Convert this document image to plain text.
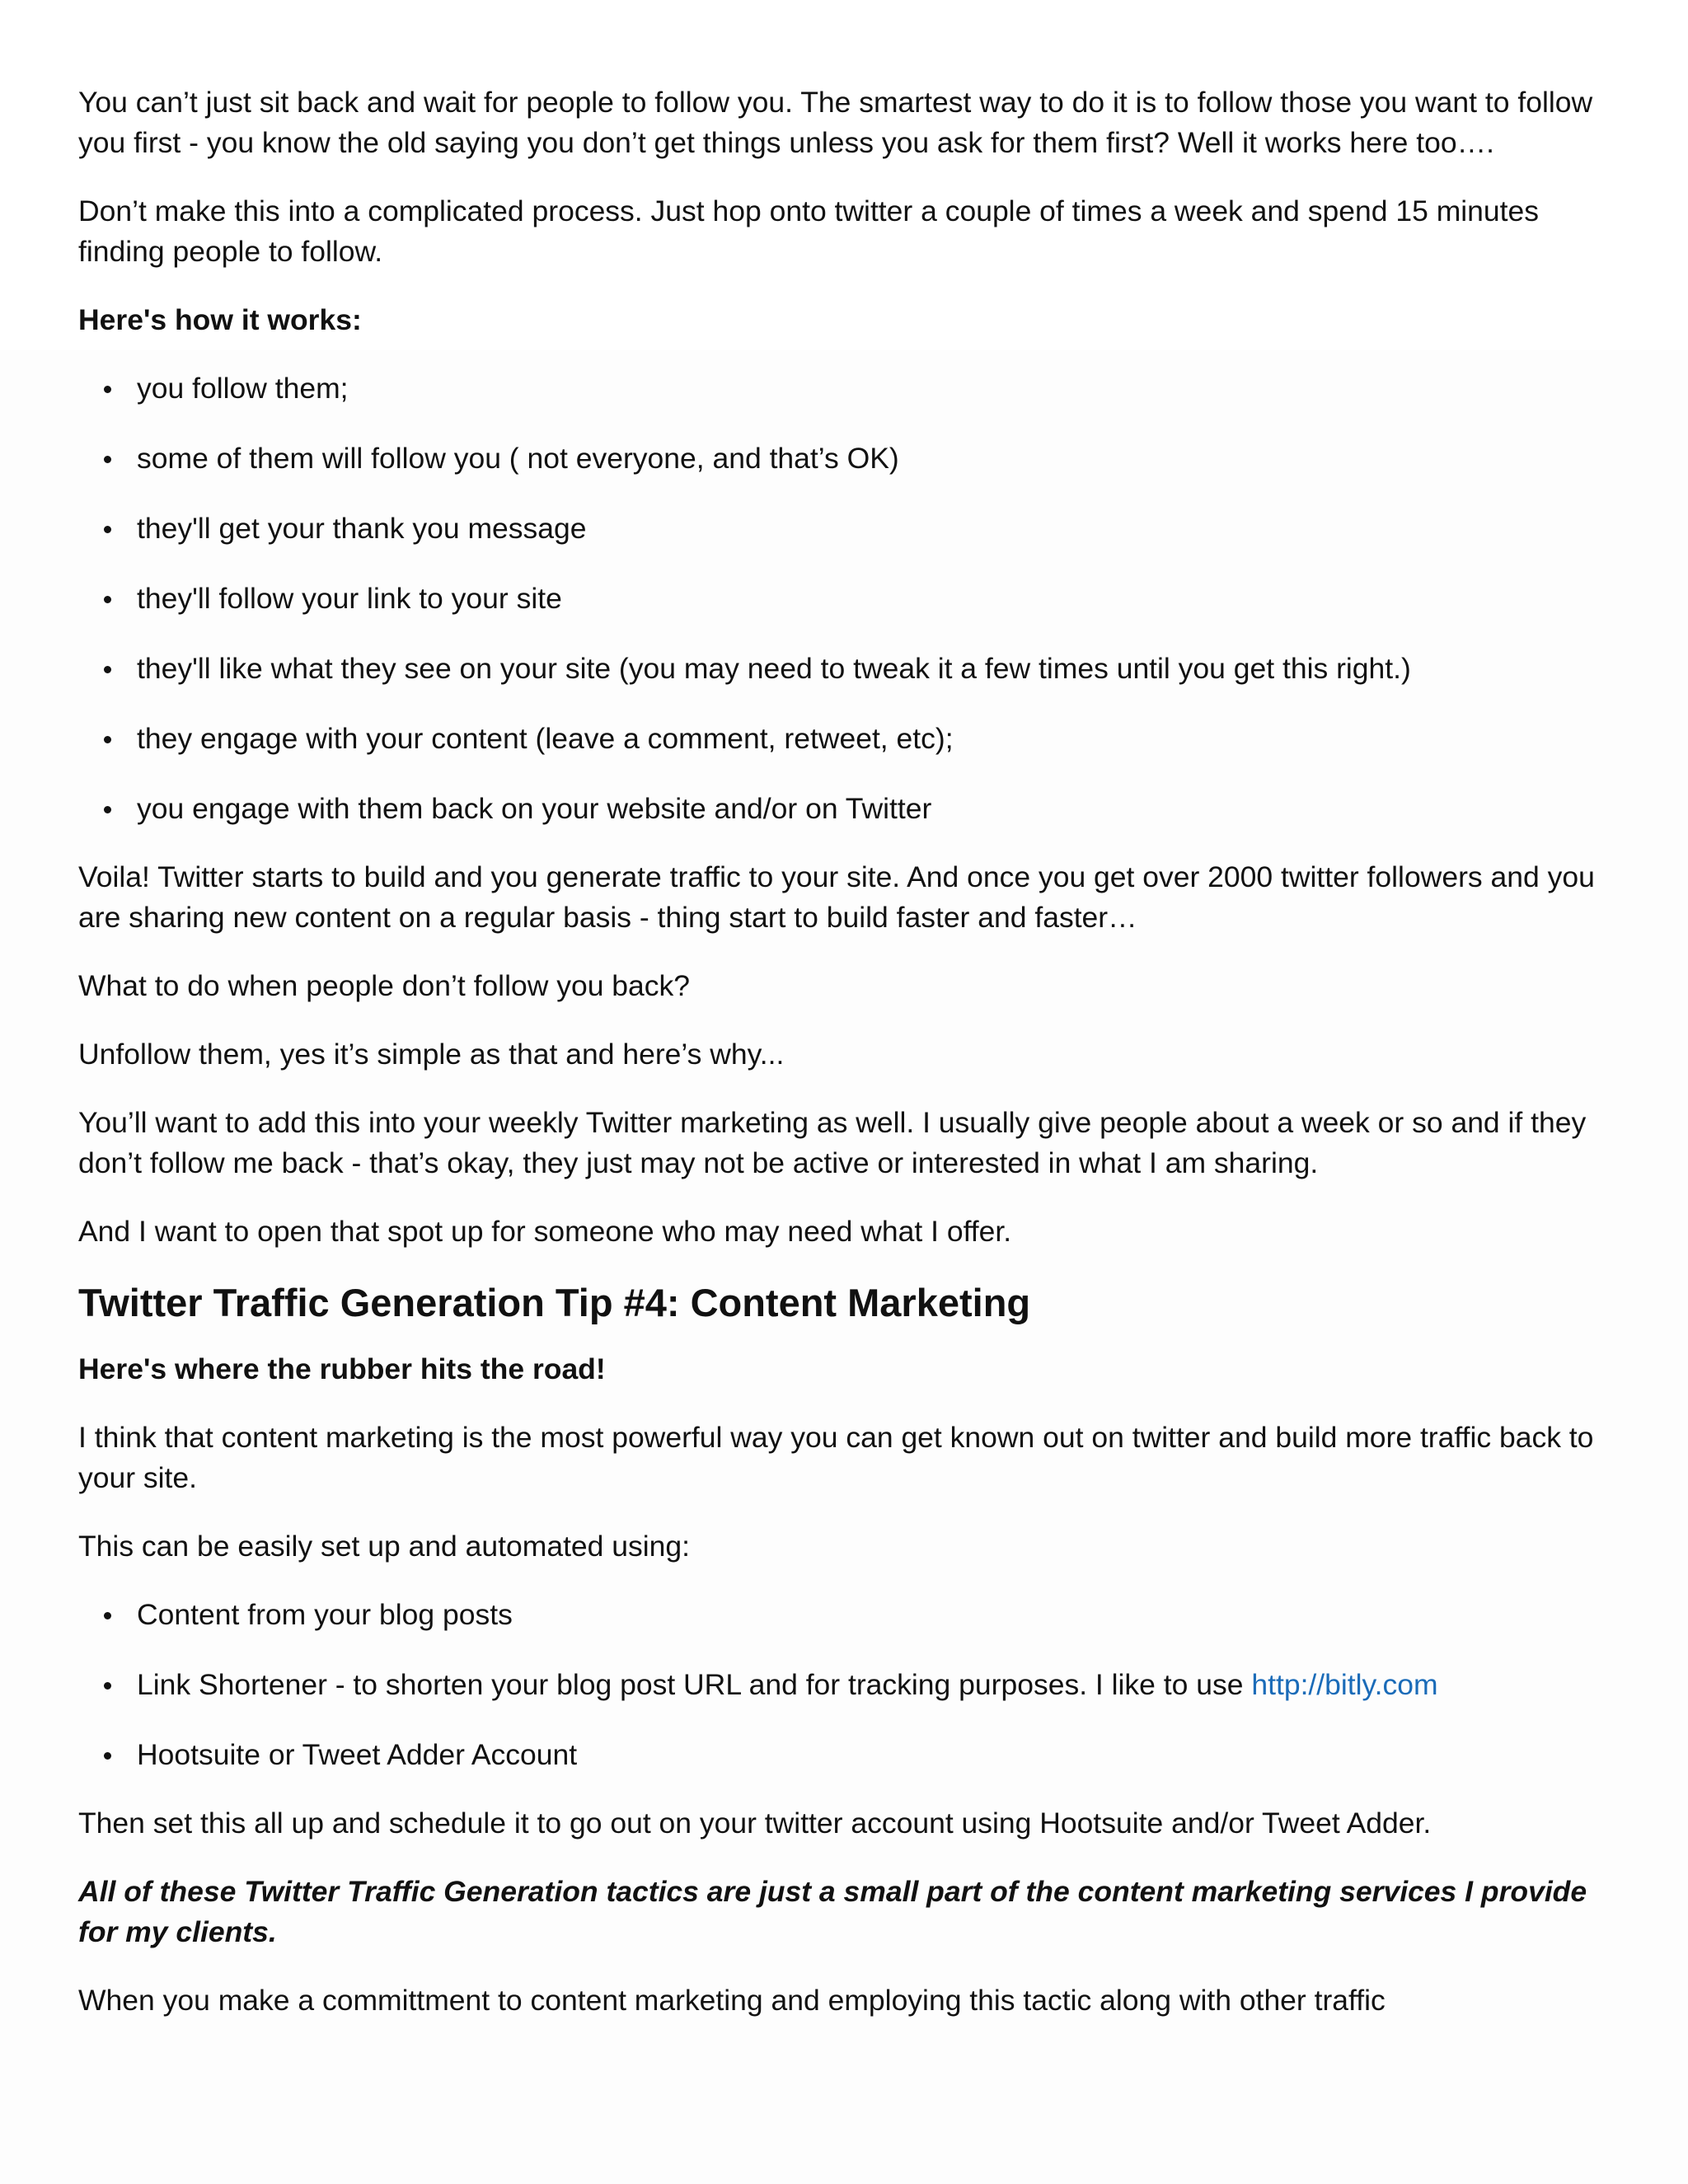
You can’t just sit back and wait for people to follow you. The smartest way to do it is to follow those you want to follow you first - you know the old saying you don’t get things unless you ask for them first? Well it works here too….

Don’t make this into a complicated process. Just hop onto twitter a couple of times a week and spend 15 minutes finding people to follow.

Here's how it works:

you follow them;
some of them will follow you ( not everyone, and that’s OK)
they'll get your thank you message
they'll follow your link to your site
they'll like what they see on your site (you may need to tweak it a few times until you get this right.)
they engage with your content (leave a comment, retweet, etc);
you engage with them back on your website and/or on Twitter

Voila! Twitter starts to build and you generate traffic to your site. And once you get over 2000 twitter followers and you are sharing new content on a regular basis - thing start to build faster and faster…

What to do when people don’t follow you back?

Unfollow them, yes it’s simple as that and here’s why...

You’ll want to add this into your weekly Twitter marketing as well. I usually give people about a week or so and if they don’t follow me back - that’s okay, they just may not be active or interested in what I am sharing.

And I want to open that spot up for someone who may need what I offer.

Twitter Traffic Generation Tip #4: Content Marketing

Here's where the rubber hits the road!

I think that content marketing is the most powerful way you can get known out on twitter and build more traffic back to your site.

This can be easily set up and automated using:

Content from your blog posts
Link Shortener - to shorten your blog post URL and for tracking purposes. I like to use http://bitly.com
Hootsuite or Tweet Adder Account

Then set this all up and schedule it to go out on your twitter account using Hootsuite and/or Tweet Adder.

All of these Twitter Traffic Generation tactics are just a small part of the content marketing services I provide for my clients.

When you make a committment to content marketing and employing this tactic along with other traffic
